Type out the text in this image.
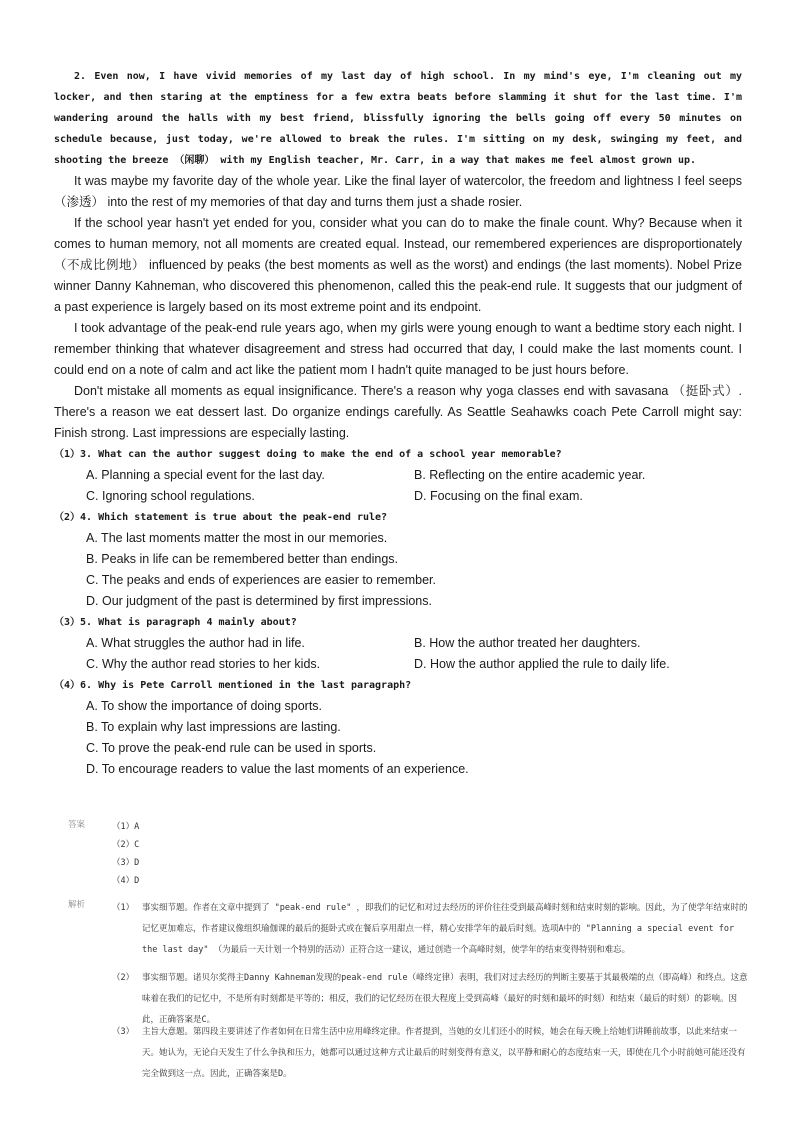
2. Even now, I have vivid memories of my last day of high school. In my mind's eye, I'm cleaning out my locker, and then staring at the emptiness for a few extra beats before slamming it shut for the last time. I'm wandering around the halls with my best friend, blissfully ignoring the bells going off every 50 minutes on schedule because, just today, we're allowed to break the rules. I'm sitting on my desk, swinging my feet, and shooting the breeze （闲聊） with my English teacher, Mr. Carr, in a way that makes me feel almost grown up.

It was maybe my favorite day of the whole year. Like the final layer of watercolor, the freedom and lightness I feel seeps （渗透） into the rest of my memories of that day and turns them just a shade rosier.

If the school year hasn't yet ended for you, consider what you can do to make the finale count. Why? Because when it comes to human memory, not all moments are created equal. Instead, our remembered experiences are disproportionately （不成比例地） influenced by peaks (the best moments as well as the worst) and endings (the last moments). Nobel Prize winner Danny Kahneman, who discovered this phenomenon, called this the peak-end rule. It suggests that our judgment of a past experience is largely based on its most extreme point and its endpoint.

I took advantage of the peak-end rule years ago, when my girls were young enough to want a bedtime story each night. I remember thinking that whatever disagreement and stress had occurred that day, I could make the last moments count. I could end on a note of calm and act like the patient mom I hadn't quite managed to be just hours before.

Don't mistake all moments as equal insignificance. There's a reason why yoga classes end with savasana （挺卧式）. There's a reason we eat dessert last. Do organize endings carefully. As Seattle Seahawks coach Pete Carroll might say: Finish strong. Last impressions are especially lasting.

（1）3. What can the author suggest doing to make the end of a school year memorable?

A. Planning a special event for the last day.	B. Reflecting on the entire academic year.
C. Ignoring school regulations.	D. Focusing on the final exam.

（2）4. Which statement is true about the peak-end rule?

A. The last moments matter the most in our memories.

B. Peaks in life can be remembered better than endings.

C. The peaks and ends of experiences are easier to remember.

D. Our judgment of the past is determined by first impressions.

（3）5. What is paragraph 4 mainly about?

A. What struggles the author had in life.	B. How the author treated her daughters.
C. Why the author read stories to her kids.	D. How the author applied the rule to daily life.

（4）6. Why is Pete Carroll mentioned in the last paragraph?

A. To show the importance of doing sports.

B. To explain why last impressions are lasting.

C. To prove the peak-end rule can be used in sports.

D. To encourage readers to value the last moments of an experience.

答案	（1）A
（2）C
（3）D
（4）D
解析	（1） 事实细节题。作者在文章中提到了 "peak-end rule" ，即我们的记忆和对过去经历的评价往往受到最高峰时刻和结束时刻的影响。因此，为了使学年结束时的记忆更加难忘，作者建议像组织瑜伽课的最后的挺卧式或在餐后享用甜点一样，精心安排学年的最后时刻。选项A中的 "Planning a special event for the last day" （为最后一天计划一个特别的活动）正符合这一建议，通过创造一个高峰时刻，使学年的结束变得特别和难忘。
（2） 事实细节题。诺贝尔奖得主Danny Kahneman发现的peak-end rule（峰终定律）表明，我们对过去经历的判断主要基于其最极端的点（即高峰）和终点。这意味着在我们的记忆中，不是所有时刻都是平等的；相反，我们的记忆经历在很大程度上受到高峰（最好的时刻和最坏的时刻）和结束（最后的时刻）的影响。因此，正确答案是C。
（3） 主旨大意题。第四段主要讲述了作者如何在日常生活中应用峰终定律。作者提到，当她的女儿们还小的时候，她会在每天晚上给她们讲睡前故事，以此来结束一天。她认为，无论白天发生了什么争执和压力，她都可以通过这种方式让最后的时刻变得有意义，以平静和耐心的态度结束一天，即使在几个小时前她可能还没有完全做到这一点。因此，正确答案是D。
